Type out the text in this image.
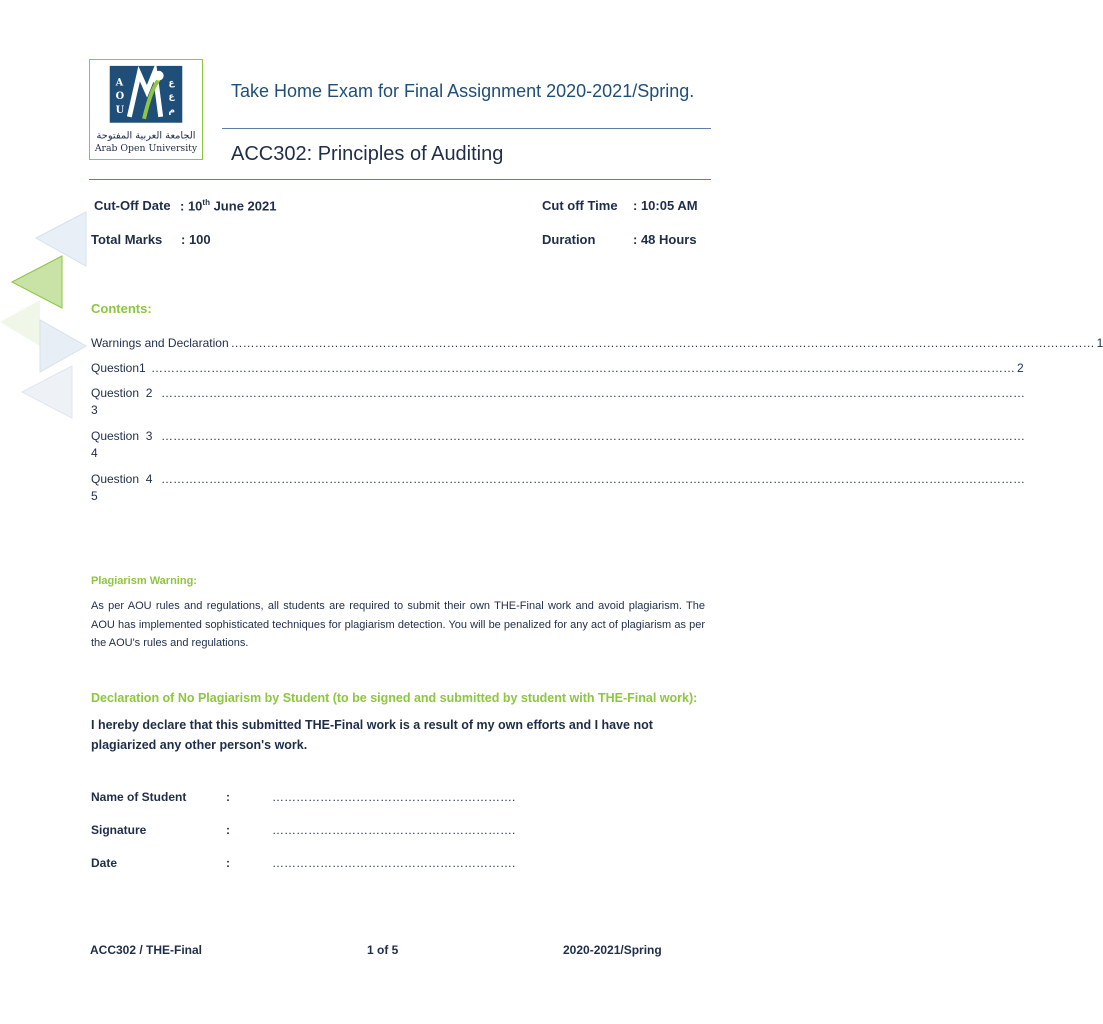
A
O
U
ع
ع
م
الجامعة العربية المفتوحة
Arab Open University
Take Home Exam for Final Assignment 2020-2021/Spring.
ACC302: Principles of Auditing
Cut-Off Date : 10th June 2021	Cut off Time : 10:05 AM
Total Marks : 100	Duration	: 48 Hours
Contents:
Warnings and Declaration ……………………………………………………………………………………………………………………………………………………………………………………………… 1
Question1 ……………………………………………………………………………………………………………………………………………………………………………………………… 2
Question  2 ………………………………………………………………………………………………………………………………………………………………………………………………
3
Question  3 ………………………………………………………………………………………………………………………………………………………………………………………………
4
Question  4 ………………………………………………………………………………………………………………………………………………………………………………………………
5
Plagiarism Warning:
As per AOU rules and regulations, all students are required to submit their own THE-Final work and avoid plagiarism. The AOU has implemented sophisticated techniques for plagiarism detection. You will be penalized for any act of plagiarism as per the AOU's rules and regulations.
Declaration of No Plagiarism by Student (to be signed and submitted by student with THE-Final work):
I hereby declare that this submitted THE-Final work is a result of my own efforts and I have not plagiarized any other person's work.
Name of Student	:	…………………………………………………….
Signature	:	…………………………………………………….
Date	:	…………………………………………………….
ACC302 / THE-Final	1 of 5	2020-2021/Spring
